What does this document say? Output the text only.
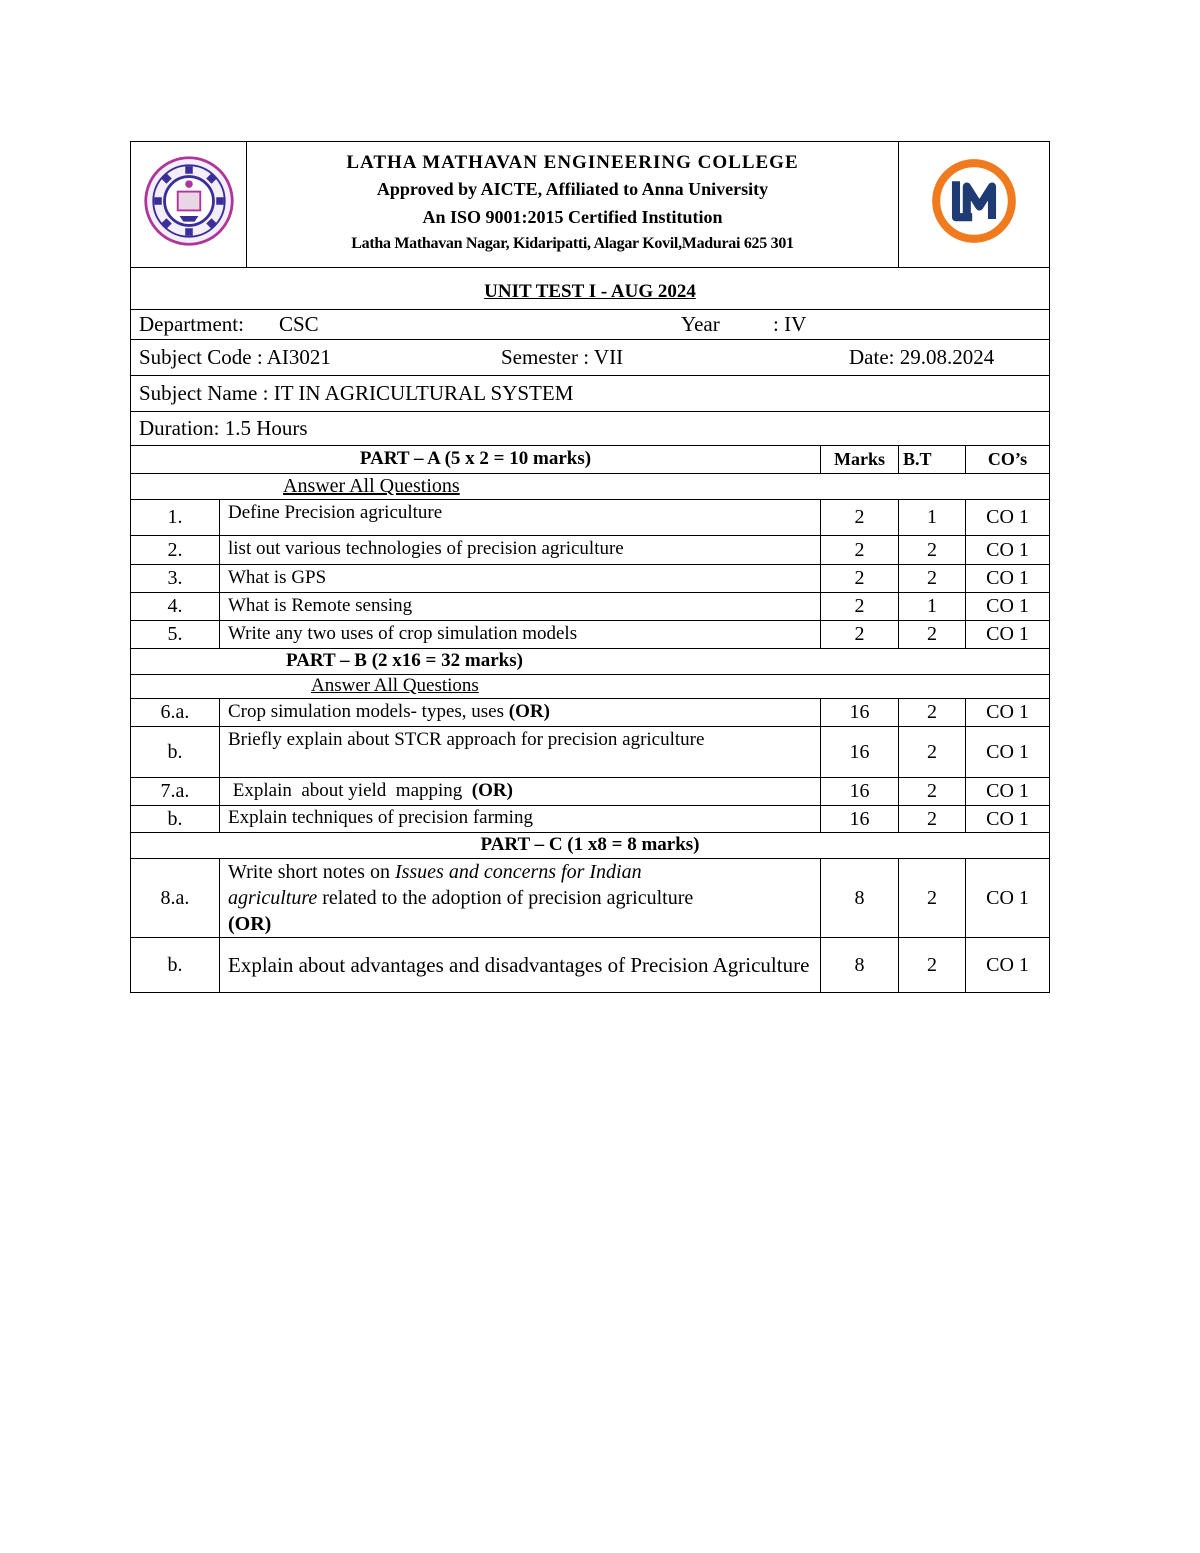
LATHA MATHAVAN ENGINEERING COLLEGE
Approved by AICTE, Affiliated to Anna University
An ISO 9001:2015 Certified Institution
Latha Mathavan Nagar, Kidaripatti, Alagar Kovil,Madurai 625 301

UNIT TEST I - AUG 2024					
Department: CSC Year : IV					
Subject Code : AI3021 Semester : VII Date: 29.08.2024					
Subject Name : IT IN AGRICULTURAL SYSTEM					
Duration: 1.5 Hours					
PART – A (5 x 2 = 10 marks)			Marks	B.T	CO’s
Answer All Questions					
1.	Define Precision agriculture		2	1	CO 1
2.	list out various technologies of precision agriculture		2	2	CO 1
3.	What is GPS		2	2	CO 1
4.	What is Remote sensing		2	1	CO 1
5.	Write any two uses of crop simulation models		2	2	CO 1
PART – B (2 x16 = 32 marks)					
Answer All Questions					
6.a.	Crop simulation models- types, uses (OR)		16	2	CO 1
b.	Briefly explain about STCR approach for precision agriculture		16	2	CO 1
7.a.	Explain  about yield  mapping  (OR)		16	2	CO 1
b.	Explain techniques of precision farming		16	2	CO 1
PART – C (1 x8 = 8 marks)					
8.a.	Write short notes on Issues and concerns for Indian
agriculture related to the adoption of precision agriculture
(OR)		8	2	CO 1
b.	Explain about advantages and disadvantages of Precision Agriculture		8	2	CO 1
